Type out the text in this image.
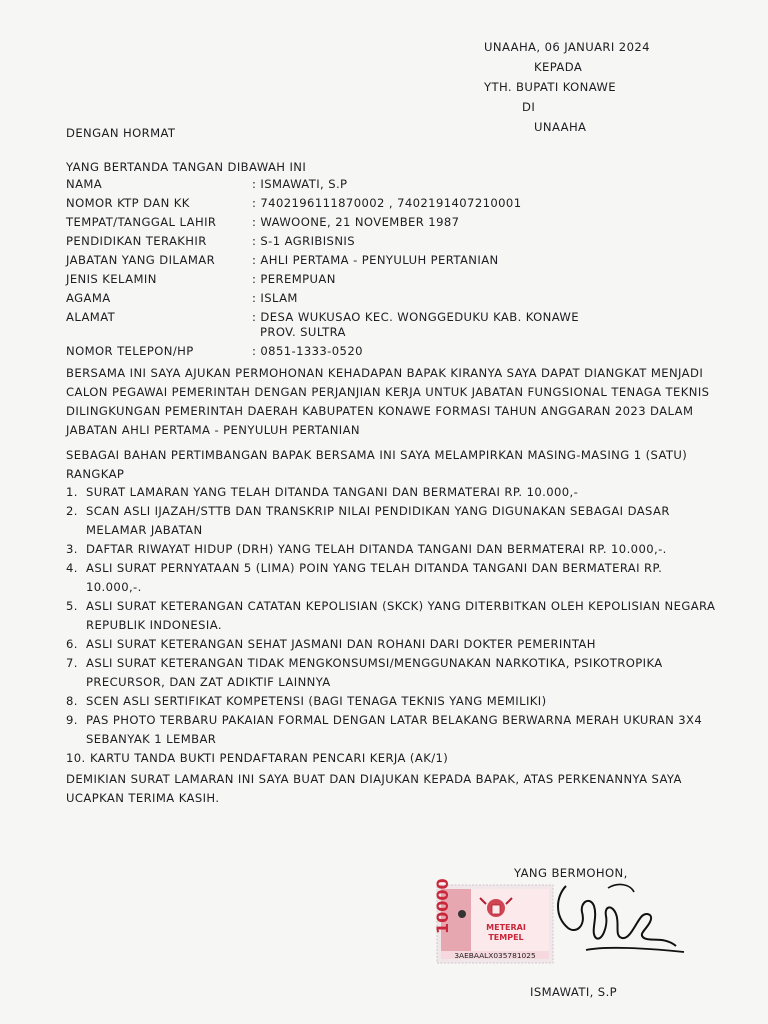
UNAAHA, 06 JANUARI 2024
KEPADA
YTH. BUPATI KONAWE
DI
UNAAHA
DENGAN HORMAT
YANG BERTANDA TANGAN DIBAWAH INI
NAMA	: ISMAWATI, S.P
NOMOR KTP DAN KK	: 7402196111870002 , 7402191407210001
TEMPAT/TANGGAL LAHIR	: WAWOONE, 21 NOVEMBER 1987
PENDIDIKAN TERAKHIR	: S-1 AGRIBISNIS
JABATAN YANG DILAMAR	: AHLI PERTAMA - PENYULUH PERTANIAN
JENIS KELAMIN	: PEREMPUAN
AGAMA	: ISLAM
ALAMAT	: DESA WUKUSAO KEC. WONGGEDUKU KAB. KONAWE
PROV. SULTRA
NOMOR TELEPON/HP	: 0851-1333-0520
BERSAMA INI SAYA AJUKAN PERMOHONAN KEHADAPAN BAPAK KIRANYA SAYA DAPAT DIANGKAT MENJADI CALON PEGAWAI PEMERINTAH DENGAN PERJANJIAN KERJA UNTUK JABATAN FUNGSIONAL TENAGA TEKNIS DILINGKUNGAN PEMERINTAH DAERAH KABUPATEN KONAWE FORMASI TAHUN ANGGARAN 2023 DALAM JABATAN AHLI PERTAMA - PENYULUH PERTANIAN
SEBAGAI BAHAN PERTIMBANGAN BAPAK BERSAMA INI SAYA MELAMPIRKAN MASING-MASING 1 (SATU) RANGKAP
1. SURAT LAMARAN YANG TELAH DITANDA TANGANI DAN BERMATERAI RP. 10.000,-
2. SCAN ASLI IJAZAH/STTB DAN TRANSKRIP NILAI PENDIDIKAN YANG DIGUNAKAN SEBAGAI DASAR MELAMAR JABATAN
3. DAFTAR RIWAYAT HIDUP (DRH) YANG TELAH DITANDA TANGANI DAN BERMATERAI RP. 10.000,-.
4. ASLI SURAT PERNYATAAN 5 (LIMA) POIN YANG TELAH DITANDA TANGANI DAN BERMATERAI RP. 10.000,-.
5. ASLI SURAT KETERANGAN CATATAN KEPOLISIAN (SKCK) YANG DITERBITKAN OLEH KEPOLISIAN NEGARA REPUBLIK INDONESIA.
6. ASLI SURAT KETERANGAN SEHAT JASMANI DAN ROHANI DARI DOKTER PEMERINTAH
7. ASLI SURAT KETERANGAN TIDAK MENGKONSUMSI/MENGGUNAKAN NARKOTIKA, PSIKOTROPIKA PRECURSOR, DAN ZAT ADIKTIF LAINNYA
8. SCEN ASLI SERTIFIKAT KOMPETENSI (BAGI TENAGA TEKNIS YANG MEMILIKI)
9. PAS PHOTO TERBARU PAKAIAN FORMAL DENGAN LATAR BELAKANG BERWARNA MERAH UKURAN 3X4 SEBANYAK 1 LEMBAR
10. KARTU TANDA BUKTI PENDAFTARAN PENCARI KERJA (AK/1)
DEMIKIAN SURAT LAMARAN INI SAYA BUAT DAN DIAJUKAN KEPADA BAPAK, ATAS PERKENANNYA SAYA UCAPKAN TERIMA KASIH.
YANG BERMOHON,
10000	METERAI
TEMPEL
3AEBAALX035781025
ISMAWATI, S.P
